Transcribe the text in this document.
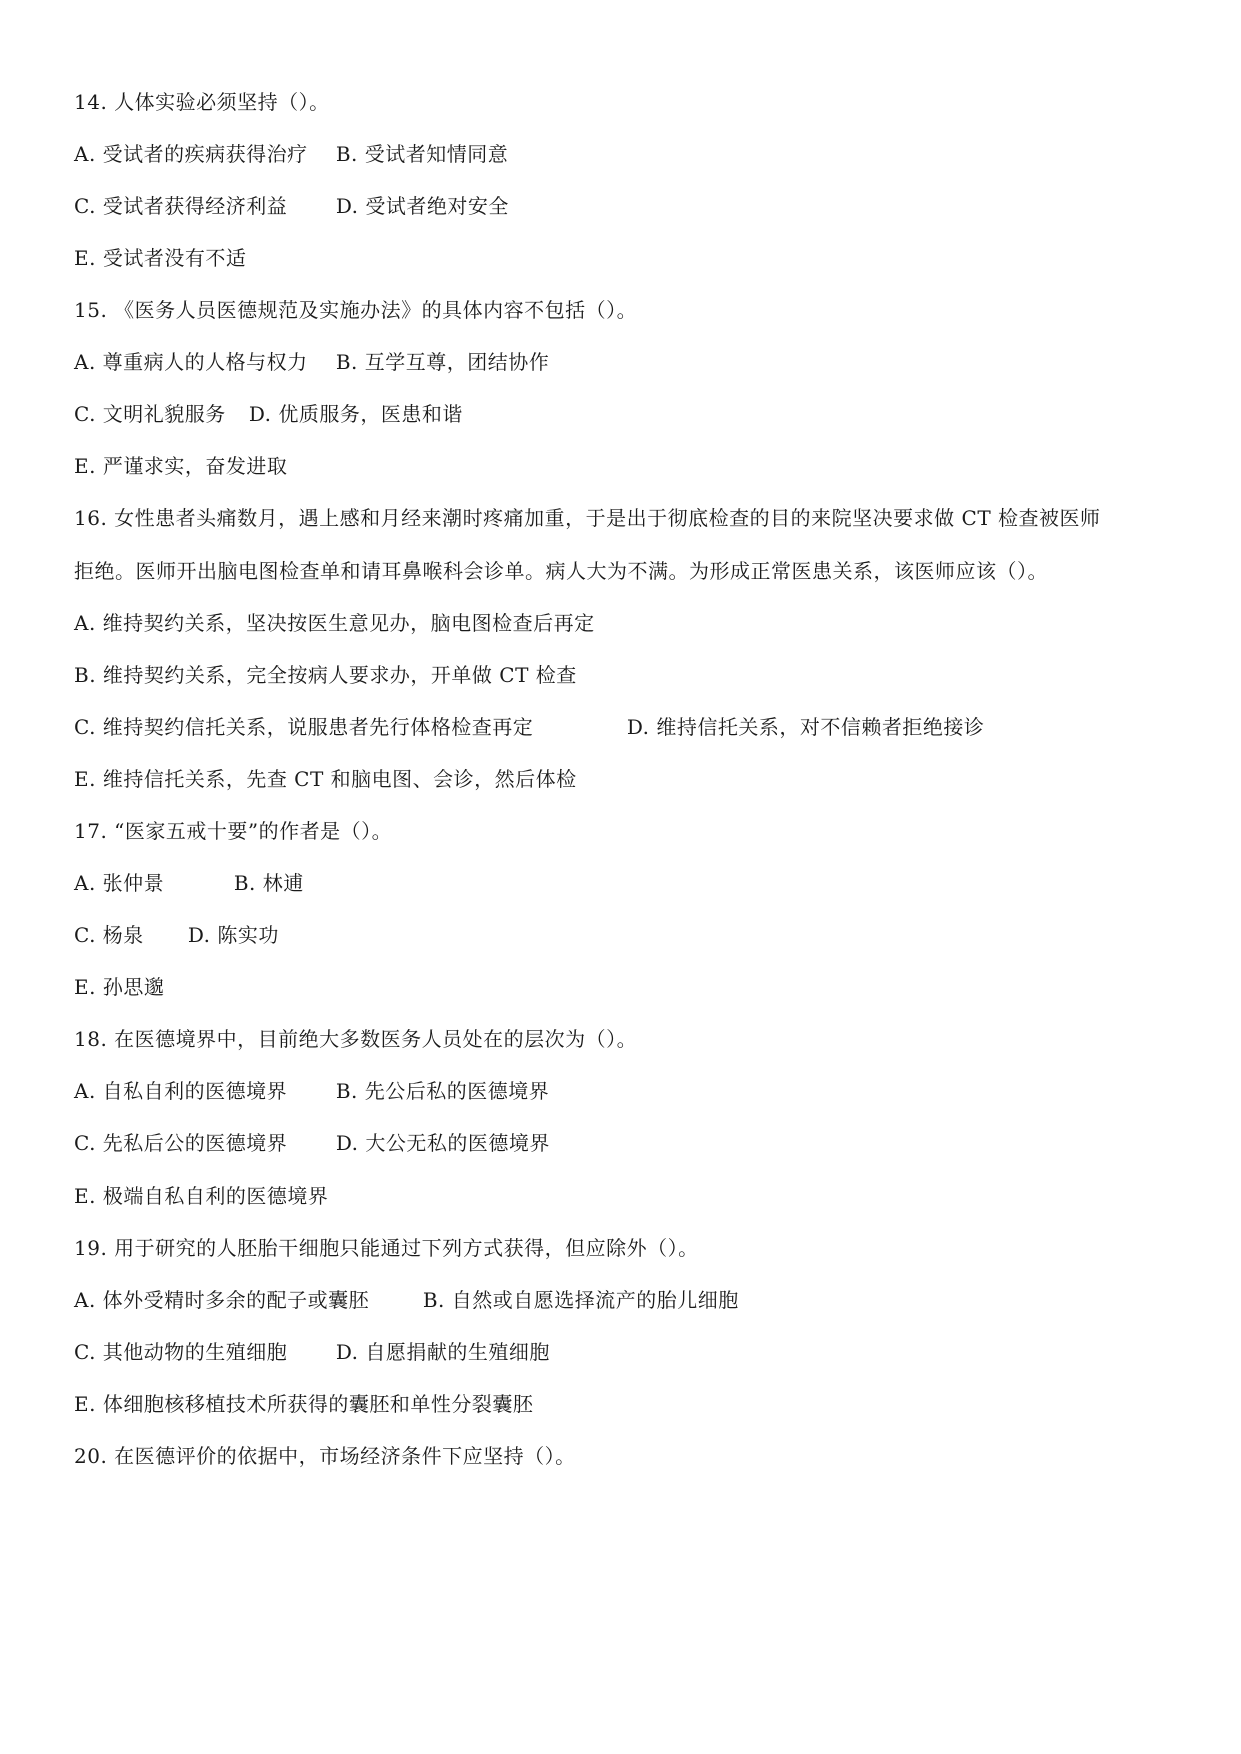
14. 人体实验必须坚持（）。
A. 受试者的疾病获得治疗 B. 受试者知情同意
C. 受试者获得经济利益 D. 受试者绝对安全
E. 受试者没有不适
15. 《医务人员医德规范及实施办法》的具体内容不包括（）。
A. 尊重病人的人格与权力 B. 互学互尊，团结协作
C. 文明礼貌服务 D. 优质服务，医患和谐
E. 严谨求实，奋发进取
16. 女性患者头痛数月，遇上感和月经来潮时疼痛加重，于是出于彻底检查的目的来院坚决要求做 CT 检查被医师
拒绝。医师开出脑电图检查单和请耳鼻喉科会诊单。病人大为不满。为形成正常医患关系，该医师应该（）。
A. 维持契约关系，坚决按医生意见办，脑电图检查后再定
B. 维持契约关系，完全按病人要求办，开单做 CT 检查
C. 维持契约信托关系，说服患者先行体格检查再定	D. 维持信托关系，对不信赖者拒绝接诊
E. 维持信托关系，先查 CT 和脑电图、会诊，然后体检
17. “医家五戒十要”的作者是（）。
A. 张仲景	B. 林逋
C. 杨泉 D. 陈实功
E. 孙思邈
18. 在医德境界中，目前绝大多数医务人员处在的层次为（）。
A. 自私自利的医德境界 B. 先公后私的医德境界
C. 先私后公的医德境界 D. 大公无私的医德境界
E. 极端自私自利的医德境界
19. 用于研究的人胚胎干细胞只能通过下列方式获得，但应除外（）。
A. 体外受精时多余的配子或囊胚	B. 自然或自愿选择流产的胎儿细胞
C. 其他动物的生殖细胞 D. 自愿捐献的生殖细胞
E. 体细胞核移植技术所获得的囊胚和单性分裂囊胚
20. 在医德评价的依据中，市场经济条件下应坚持（）。
